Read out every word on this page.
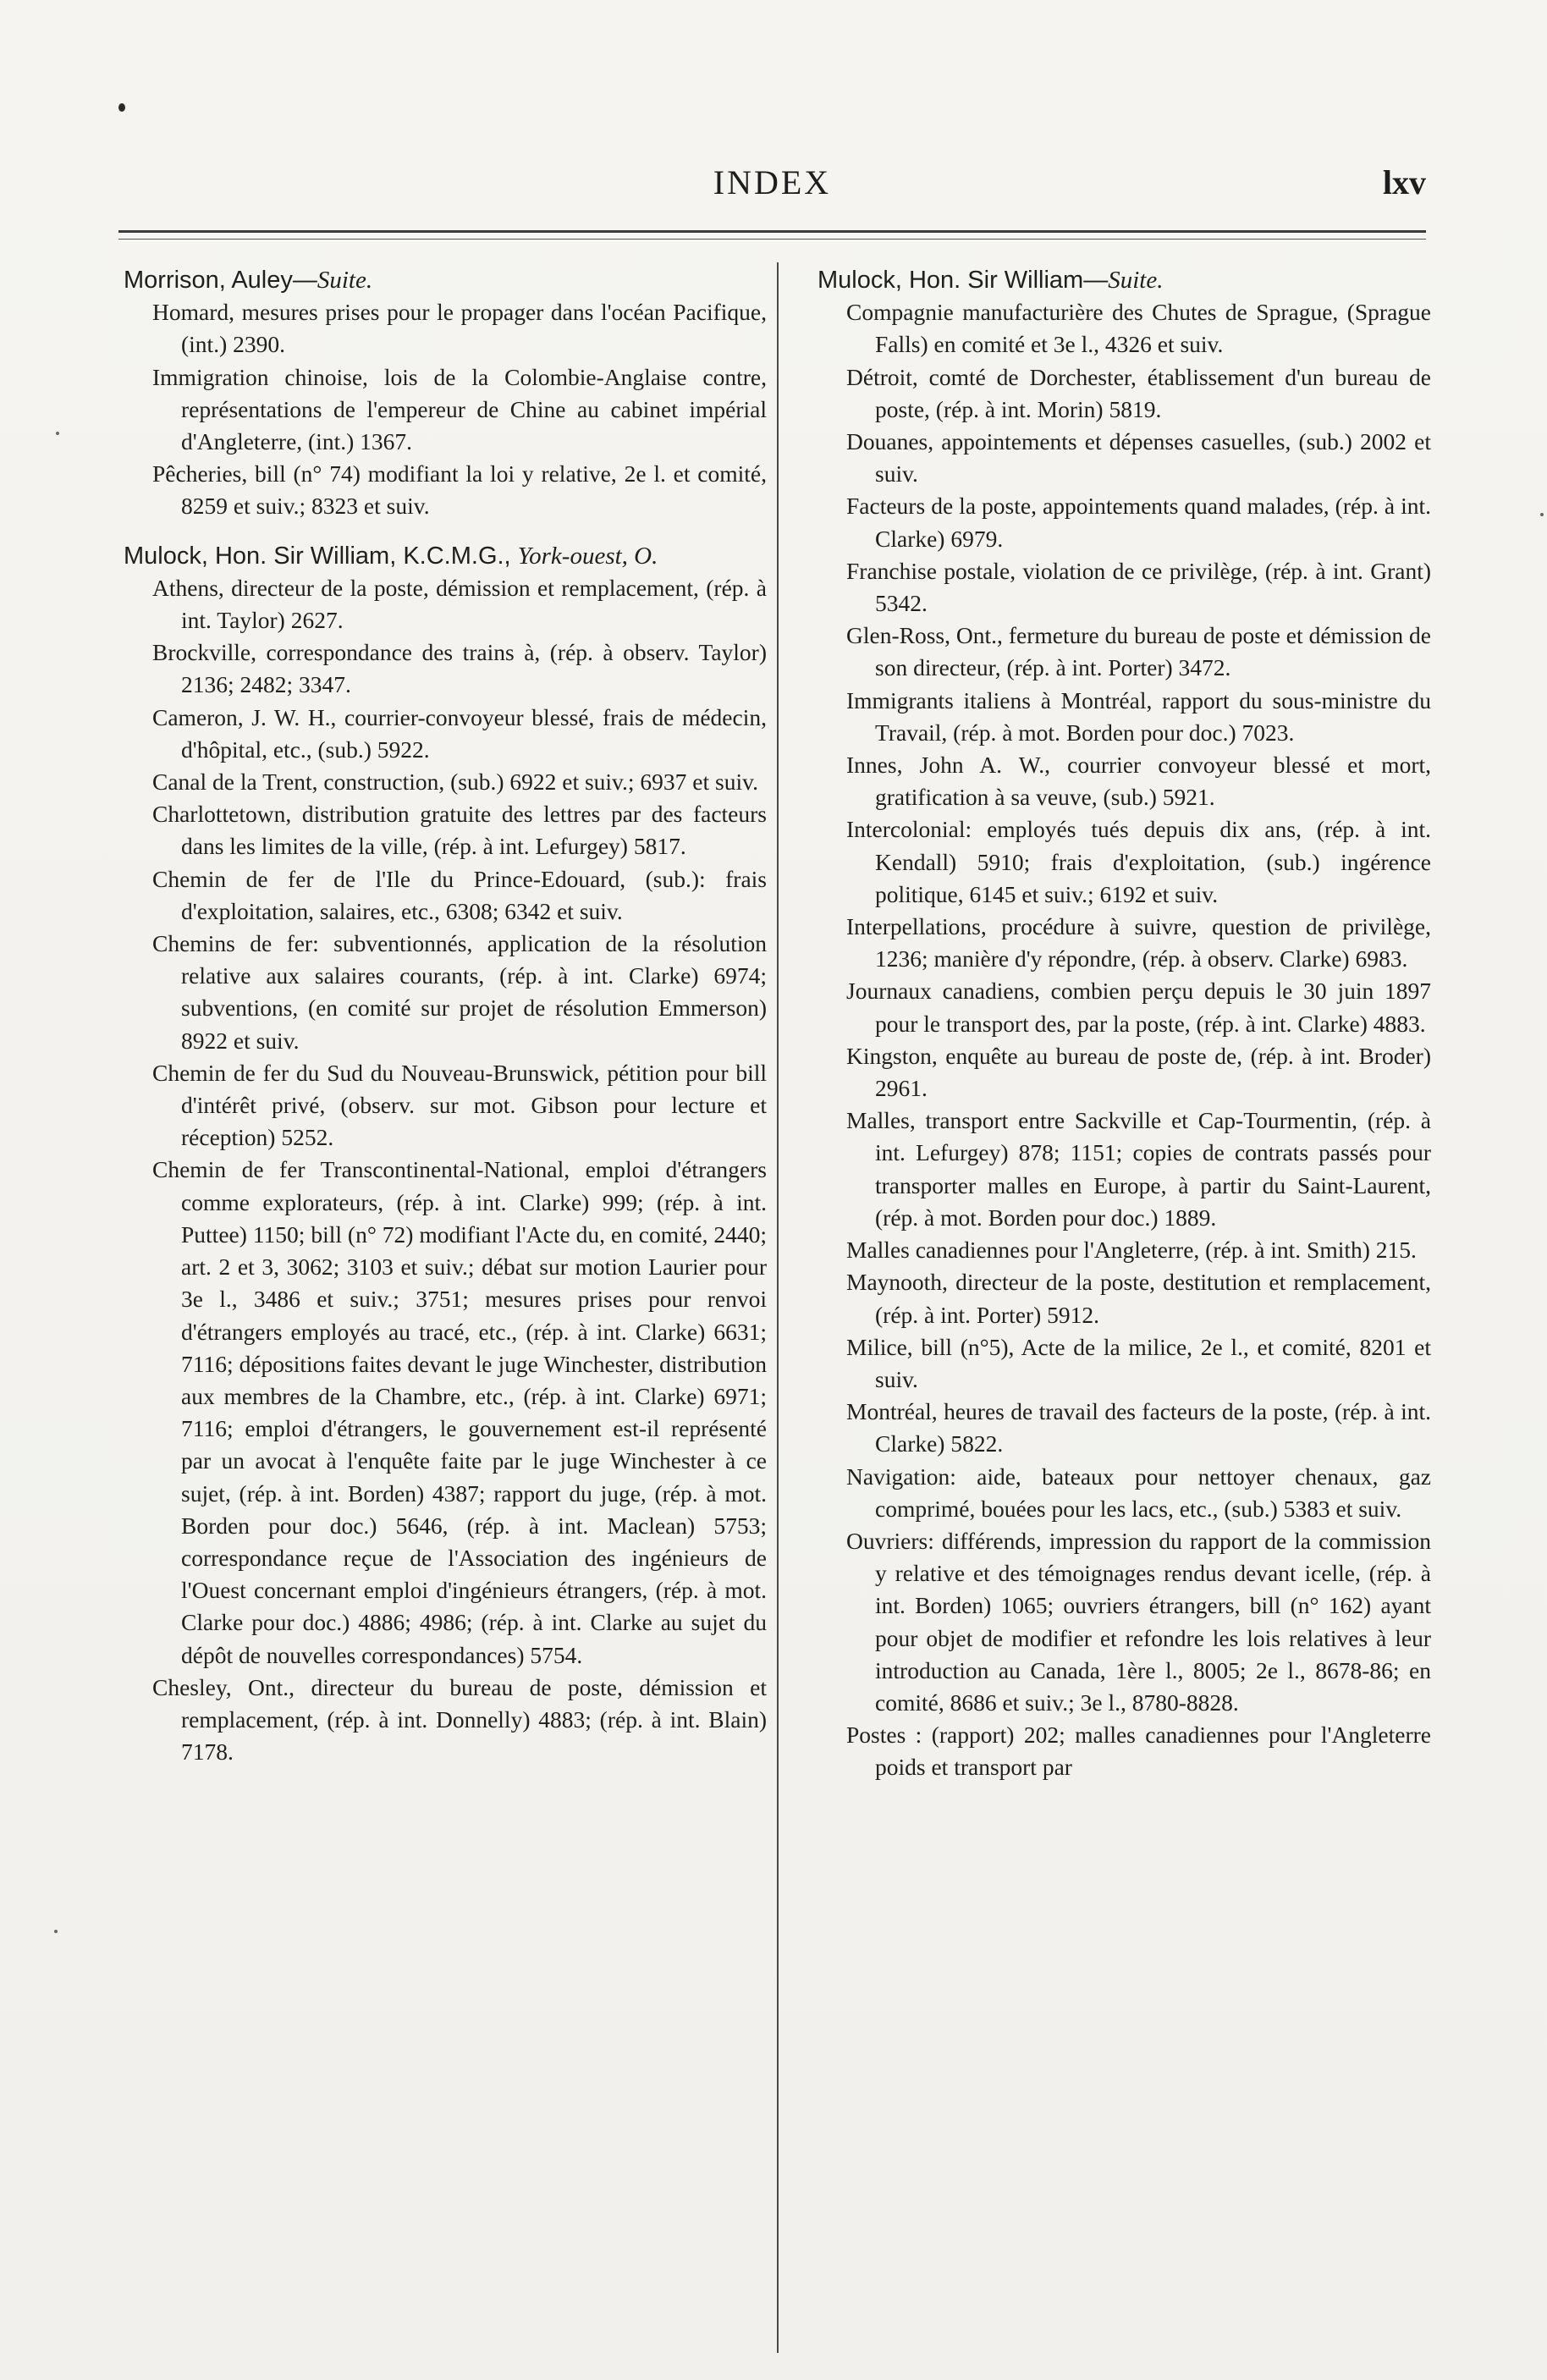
INDEX	lxv
Morrison, Auley—Suite.
Homard, mesures prises pour le propager dans l'océan Pacifique, (int.) 2390.
Immigration chinoise, lois de la Colombie-Anglaise contre, représentations de l'empereur de Chine au cabinet impérial d'Angleterre, (int.) 1367.
Pêcheries, bill (n° 74) modifiant la loi y relative, 2e l. et comité, 8259 et suiv.; 8323 et suiv.
Mulock, Hon. Sir William, K.C.M.G., York-ouest, O.
Athens, directeur de la poste, démission et remplacement, (rép. à int. Taylor) 2627.
Brockville, correspondance des trains à, (rép. à observ. Taylor) 2136; 2482; 3347.
Cameron, J. W. H., courrier-convoyeur blessé, frais de médecin, d'hôpital, etc., (sub.) 5922.
Canal de la Trent, construction, (sub.) 6922 et suiv.; 6937 et suiv.
Charlottetown, distribution gratuite des lettres par des facteurs dans les limites de la ville, (rép. à int. Lefurgey) 5817.
Chemin de fer de l'Ile du Prince-Edouard, (sub.): frais d'exploitation, salaires, etc., 6308; 6342 et suiv.
Chemins de fer: subventionnés, application de la résolution relative aux salaires courants, (rép. à int. Clarke) 6974; subventions, (en comité sur projet de résolution Emmerson) 8922 et suiv.
Chemin de fer du Sud du Nouveau-Brunswick, pétition pour bill d'intérêt privé, (observ. sur mot. Gibson pour lecture et réception) 5252.
Chemin de fer Transcontinental-National, emploi d'étrangers comme explorateurs, (rép. à int. Clarke) 999; (rép. à int. Puttee) 1150; bill (n° 72) modifiant l'Acte du, en comité, 2440; art. 2 et 3, 3062; 3103 et suiv.; débat sur motion Laurier pour 3e l., 3486 et suiv.; 3751; mesures prises pour renvoi d'étrangers employés au tracé, etc., (rép. à int. Clarke) 6631; 7116; dépositions faites devant le juge Winchester, distribution aux membres de la Chambre, etc., (rép. à int. Clarke) 6971; 7116; emploi d'étrangers, le gouvernement est-il représenté par un avocat à l'enquête faite par le juge Winchester à ce sujet, (rép. à int. Borden) 4387; rapport du juge, (rép. à mot. Borden pour doc.) 5646, (rép. à int. Maclean) 5753; correspondance reçue de l'Association des ingénieurs de l'Ouest concernant emploi d'ingénieurs étrangers, (rép. à mot. Clarke pour doc.) 4886; 4986; (rép. à int. Clarke au sujet du dépôt de nouvelles correspondances) 5754.
Chesley, Ont., directeur du bureau de poste, démission et remplacement, (rép. à int. Donnelly) 4883; (rép. à int. Blain) 7178.
Mulock, Hon. Sir William—Suite.
Compagnie manufacturière des Chutes de Sprague, (Sprague Falls) en comité et 3e l., 4326 et suiv.
Détroit, comté de Dorchester, établissement d'un bureau de poste, (rép. à int. Morin) 5819.
Douanes, appointements et dépenses casuelles, (sub.) 2002 et suiv.
Facteurs de la poste, appointements quand malades, (rép. à int. Clarke) 6979.
Franchise postale, violation de ce privilège, (rép. à int. Grant) 5342.
Glen-Ross, Ont., fermeture du bureau de poste et démission de son directeur, (rép. à int. Porter) 3472.
Immigrants italiens à Montréal, rapport du sous-ministre du Travail, (rép. à mot. Borden pour doc.) 7023.
Innes, John A. W., courrier convoyeur blessé et mort, gratification à sa veuve, (sub.) 5921.
Intercolonial: employés tués depuis dix ans, (rép. à int. Kendall) 5910; frais d'exploitation, (sub.) ingérence politique, 6145 et suiv.; 6192 et suiv.
Interpellations, procédure à suivre, question de privilège, 1236; manière d'y répondre, (rép. à observ. Clarke) 6983.
Journaux canadiens, combien perçu depuis le 30 juin 1897 pour le transport des, par la poste, (rép. à int. Clarke) 4883.
Kingston, enquête au bureau de poste de, (rép. à int. Broder) 2961.
Malles, transport entre Sackville et Cap-Tourmentin, (rép. à int. Lefurgey) 878; 1151; copies de contrats passés pour transporter malles en Europe, à partir du Saint-Laurent, (rép. à mot. Borden pour doc.) 1889.
Malles canadiennes pour l'Angleterre, (rép. à int. Smith) 215.
Maynooth, directeur de la poste, destitution et remplacement, (rép. à int. Porter) 5912.
Milice, bill (n°5), Acte de la milice, 2e l., et comité, 8201 et suiv.
Montréal, heures de travail des facteurs de la poste, (rép. à int. Clarke) 5822.
Navigation: aide, bateaux pour nettoyer chenaux, gaz comprimé, bouées pour les lacs, etc., (sub.) 5383 et suiv.
Ouvriers: différends, impression du rapport de la commission y relative et des témoignages rendus devant icelle, (rép. à int. Borden) 1065; ouvriers étrangers, bill (n° 162) ayant pour objet de modifier et refondre les lois relatives à leur introduction au Canada, 1ère l., 8005; 2e l., 8678-86; en comité, 8686 et suiv.; 3e l., 8780-8828.
Postes : (rapport) 202; malles canadiennes pour l'Angleterre poids et transport par
